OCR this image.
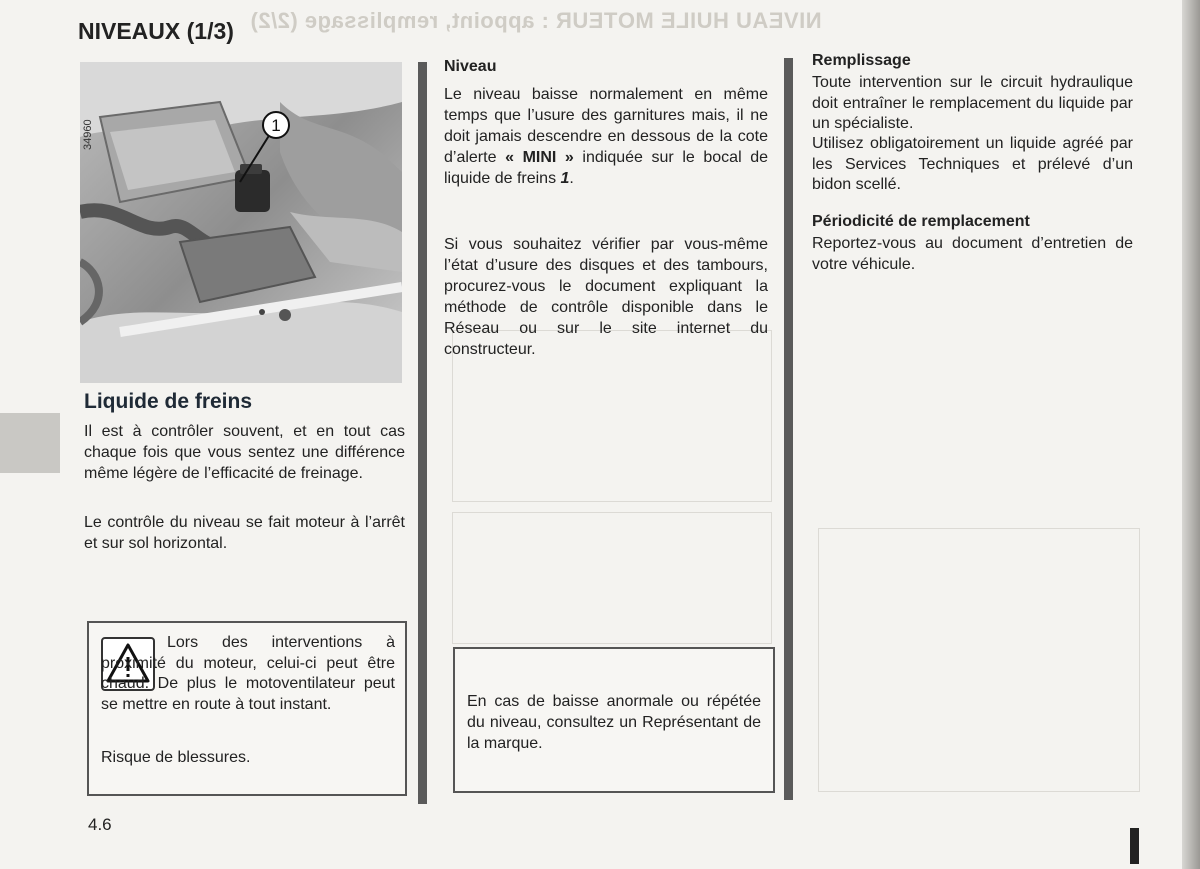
NIVEAU HUILE MOTEUR : appoint, remplissage (2/2)
NIVEAUX (1/3)
1
34960
Liquide de freins

Il est à contrôler souvent, et en tout cas chaque fois que vous sentez une différence même légère de l’efficacité de freinage.

Le contrôle du niveau se fait moteur à l’arrêt et sur sol horizontal.

Lors des interventions à proximité du moteur, celui-ci peut être chaud. De plus le motoventilateur peut se mettre en route à tout instant.

Risque de blessures.

Niveau

Le niveau baisse normalement en même temps que l’usure des garnitures mais, il ne doit jamais descendre en dessous de la cote d’alerte « MINI » indiquée sur le bocal de liquide de freins 1.

Si vous souhaitez vérifier par vous-même l’état d’usure des disques et des tambours, procurez-vous le document expliquant la méthode de contrôle disponible dans le Réseau ou sur le site internet du constructeur.

En cas de baisse anormale ou répétée du niveau, consultez un Représentant de la marque.

Remplissage

Toute intervention sur le circuit hydraulique doit entraîner le remplacement du liquide par un spécialiste.

Utilisez obligatoirement un liquide agréé par les Services Techniques et prélevé d’un bidon scellé.

Périodicité de remplacement

Reportez-vous au document d’entretien de votre véhicule.

4.6
